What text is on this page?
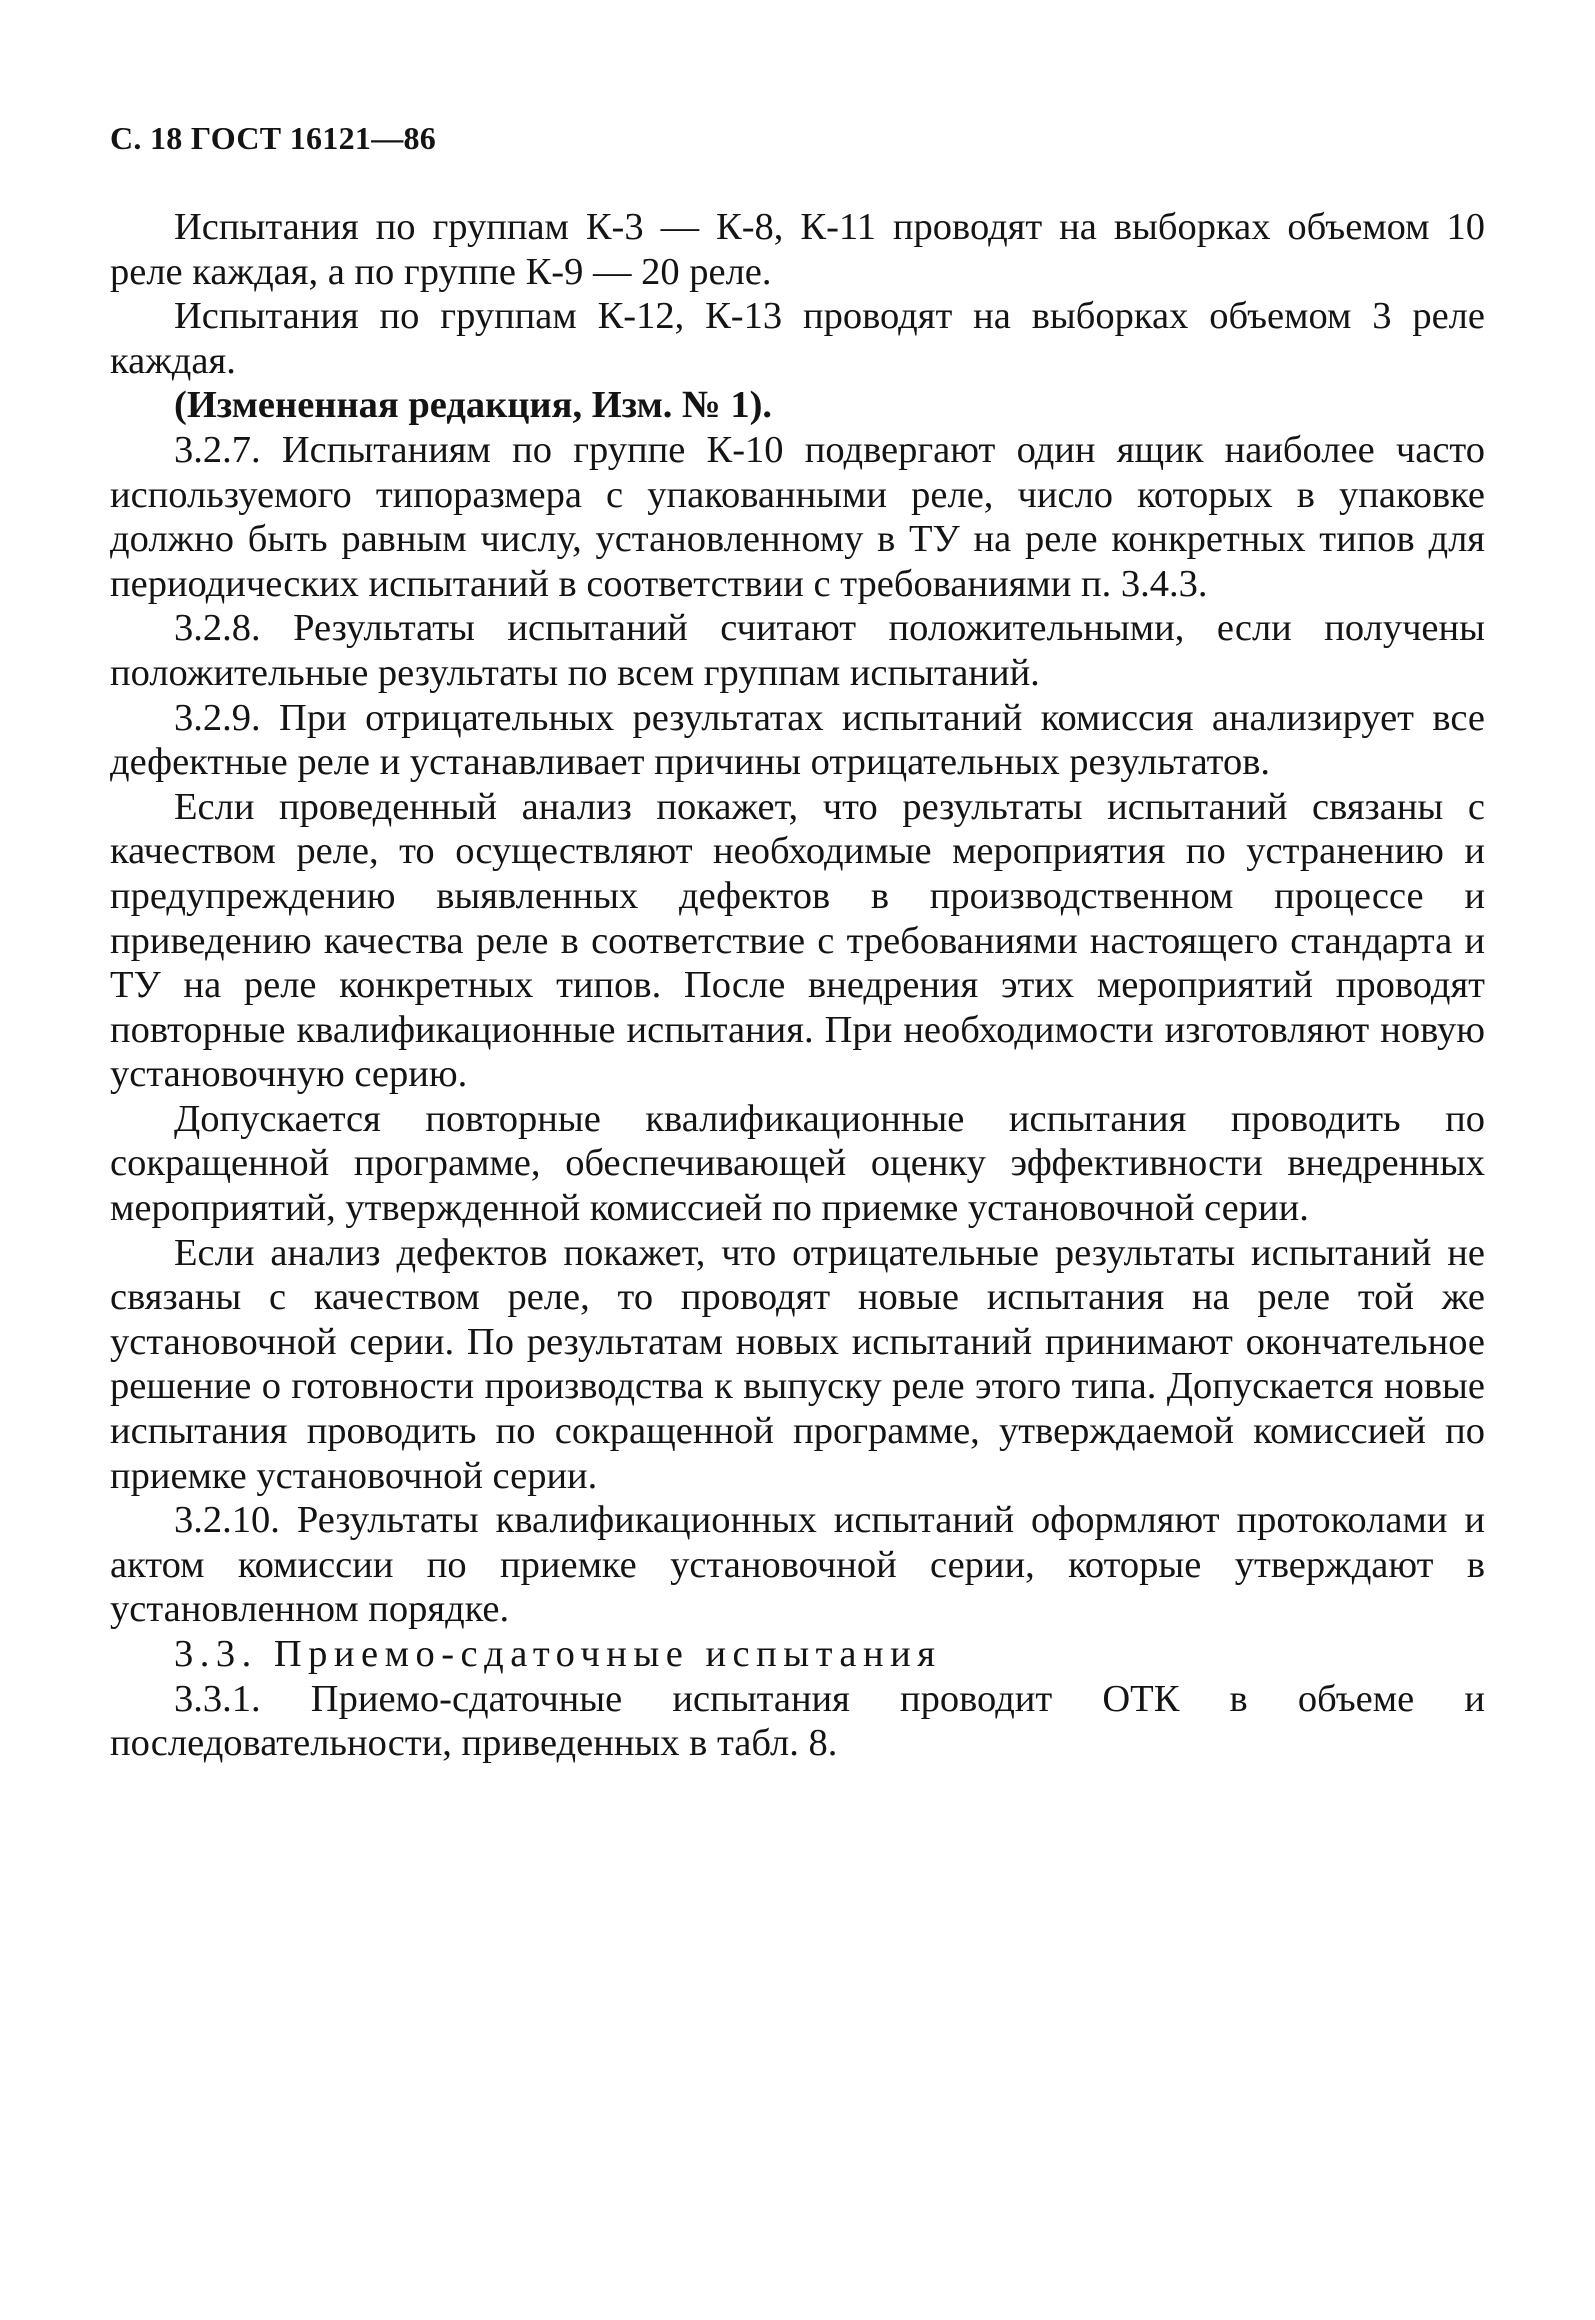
С. 18 ГОСТ 16121—86

Испытания по группам К-3 — К-8, К-11 проводят на выборках объемом 10 реле каждая, а по группе К-9 — 20 реле.

Испытания по группам К-12, К-13 проводят на выборках объемом 3 реле каждая.

(Измененная редакция, Изм. № 1).

3.2.7. Испытаниям по группе К-10 подвергают один ящик наиболее часто используемого типоразмера с упакованными реле, число которых в упаковке должно быть равным числу, установленному в ТУ на реле конкретных типов для периодических испытаний в соответствии с требованиями п. 3.4.3.

3.2.8. Результаты испытаний считают положительными, если получены положительные результаты по всем группам испытаний.

3.2.9. При отрицательных результатах испытаний комиссия анализирует все дефектные реле и устанавливает причины отрицательных результатов.

Если проведенный анализ покажет, что результаты испытаний связаны с качеством реле, то осуществляют необходимые мероприятия по устранению и предупреждению выявленных дефектов в производственном процессе и приведению качества реле в соответствие с требованиями настоящего стандарта и ТУ на реле конкретных типов. После внедрения этих мероприятий проводят повторные квалификационные испытания. При необходимости изготовляют новую установочную серию.

Допускается повторные квалификационные испытания проводить по сокращенной программе, обеспечивающей оценку эффективности внедренных мероприятий, утвержденной комиссией по приемке установочной серии.

Если анализ дефектов покажет, что отрицательные результаты испытаний не связаны с качеством реле, то проводят новые испытания на реле той же установочной серии. По результатам новых испытаний принимают окончательное решение о готовности производства к выпуску реле этого типа. Допускается новые испытания проводить по сокращенной программе, утверждаемой комиссией по приемке установочной серии.

3.2.10. Результаты квалификационных испытаний оформляют протоколами и актом комиссии по приемке установочной серии, которые утверждают в установленном порядке.

3.3. Приемо-сдаточные испытания

3.3.1. Приемо-сдаточные испытания проводит ОТК в объеме и последовательности, приведенных в табл. 8.
